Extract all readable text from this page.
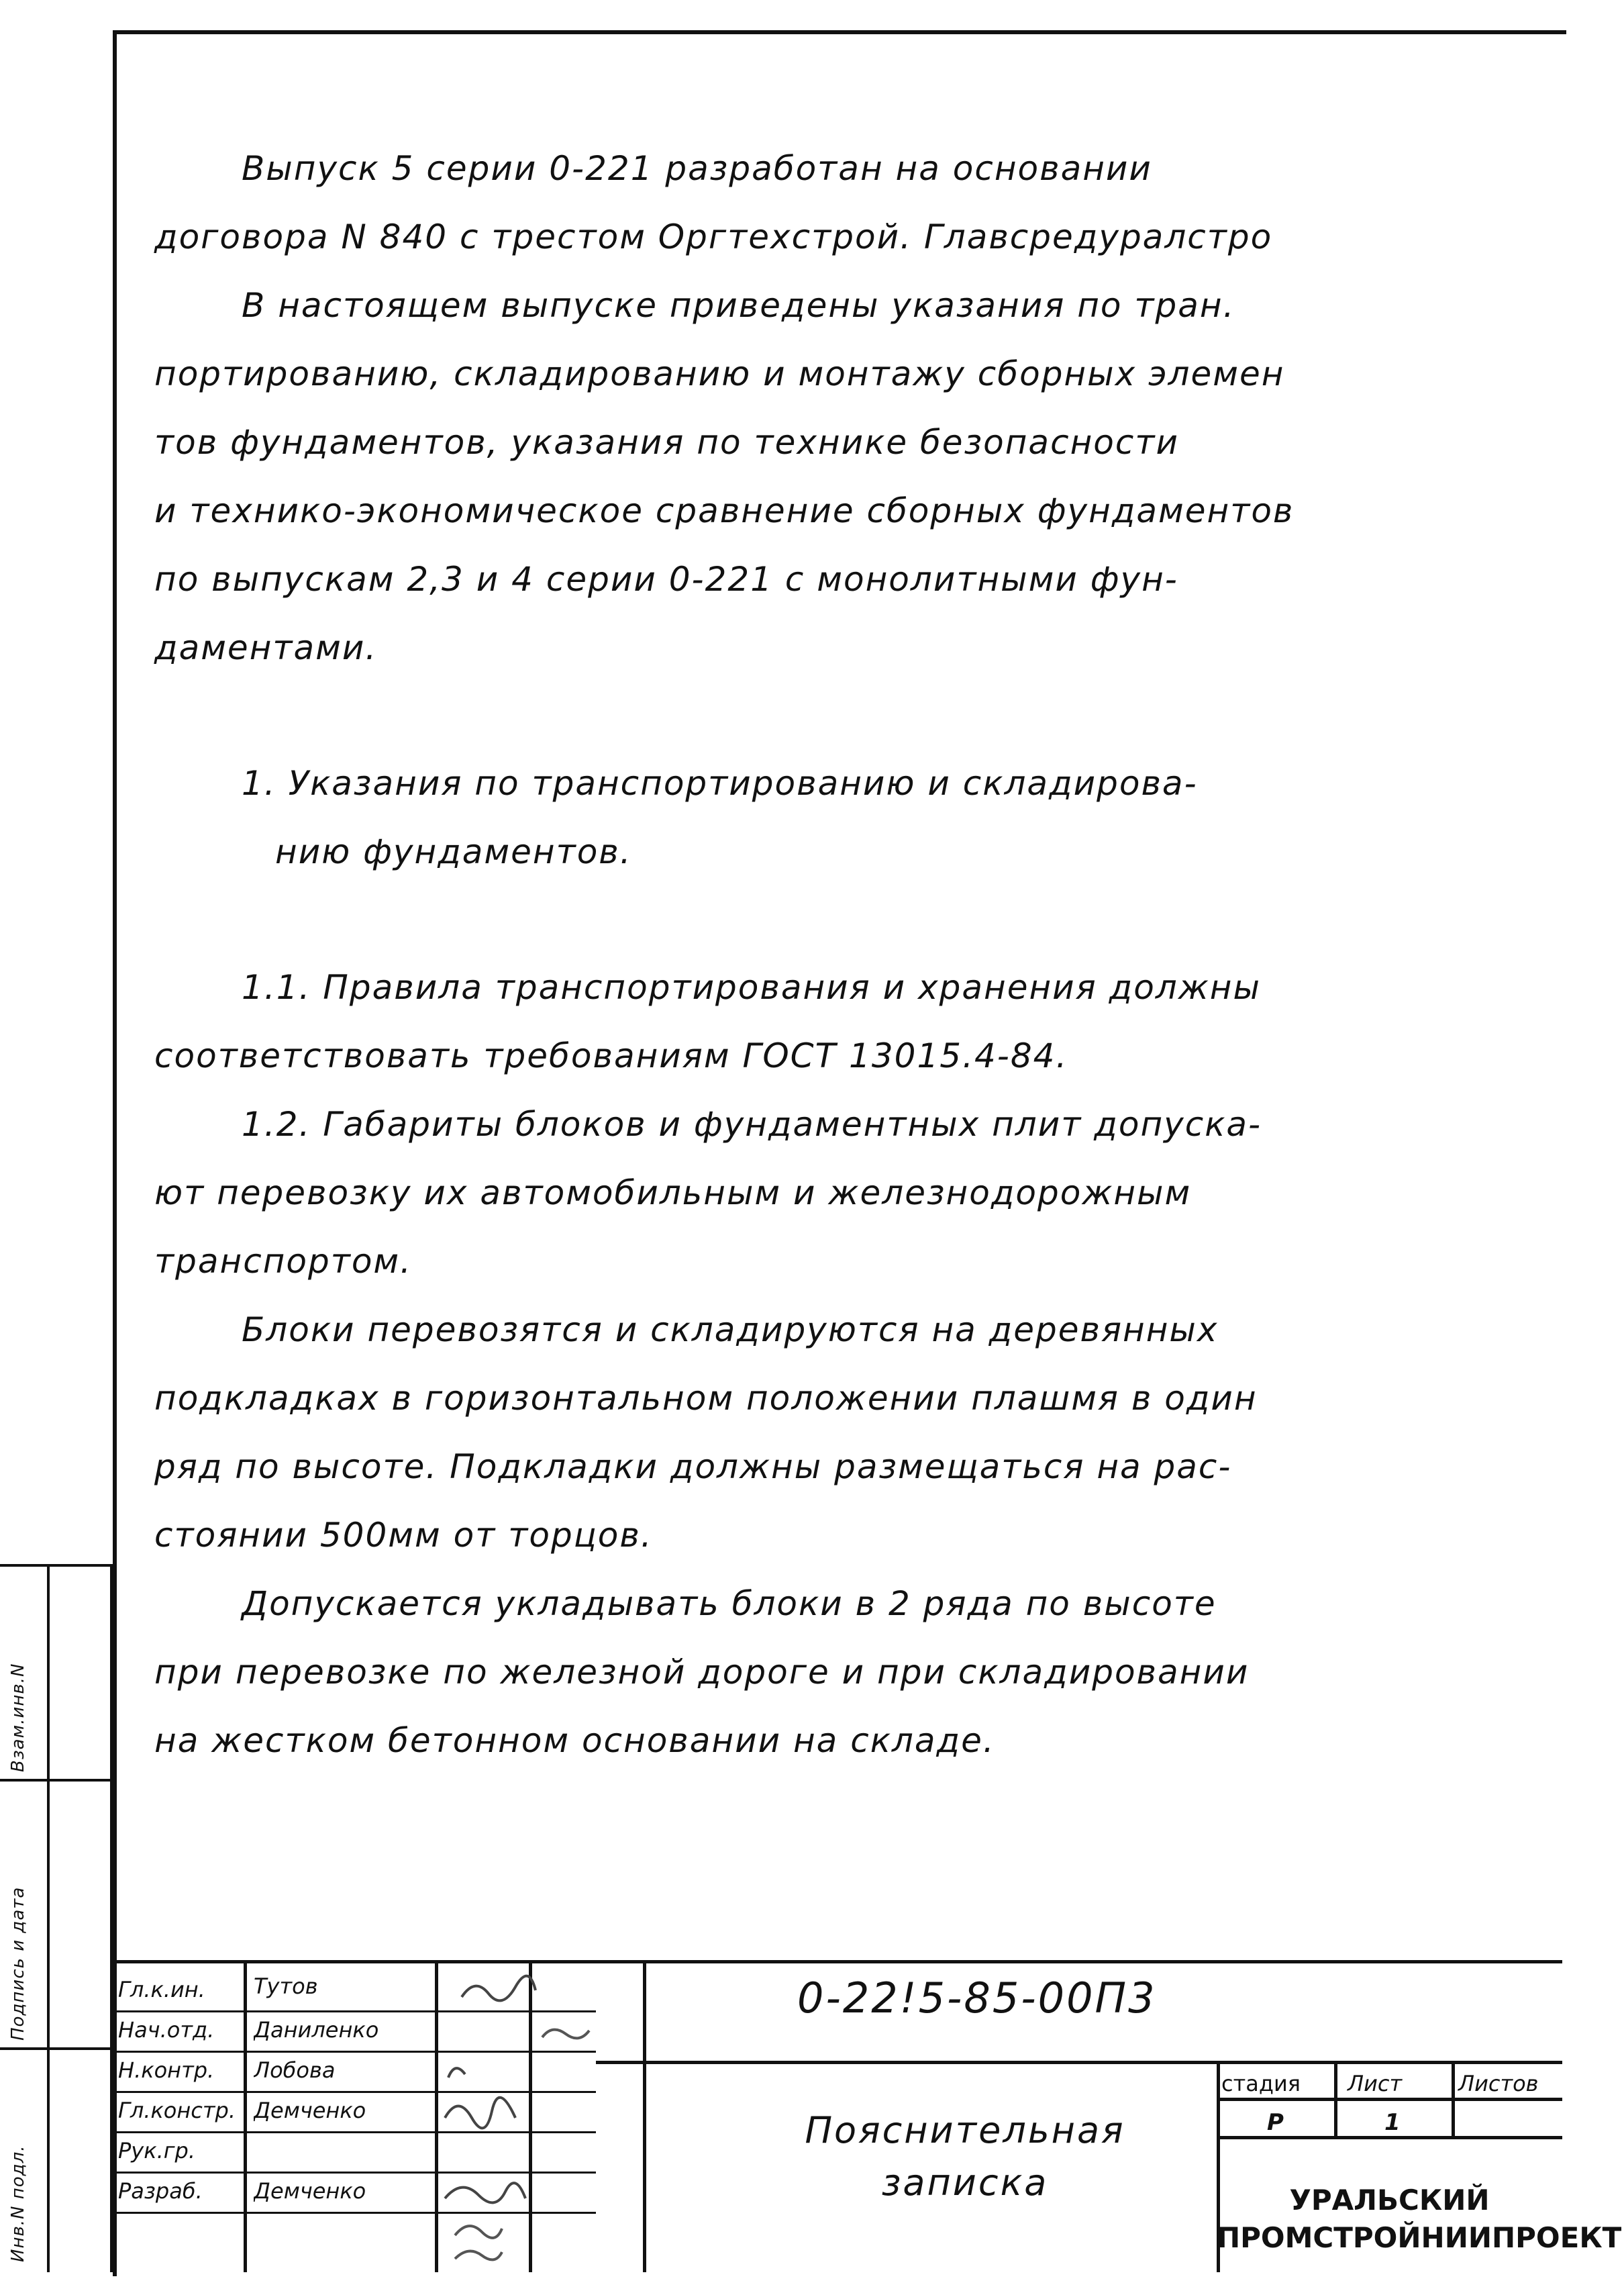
Выпуск 5 серии 0-221 разработан на основании

договора N 840 с трестом Оргтехстрой. Главсредуралстро

В настоящем выпуске приведены указания по тран.

портированию, складированию и монтажу сборных элемен

тов фундаментов, указания по технике безопасности

и технико-экономическое сравнение сборных фундаментов

по выпускам 2,3 и 4 серии 0-221 с монолитными фун-

даментами.

1. Указания по транспортированию и складирова-
нию фундаментов.

1.1. Правила транспортирования и хранения должны

соответствовать требованиям ГОСТ 13015.4-84.

1.2. Габариты блоков и фундаментных плит допуска-

ют перевозку их автомобильным и железнодорожным

транспортом.

Блоки перевозятся и складируются на деревянных

подкладках в горизонтальном положении плашмя в один

ряд по высоте. Подкладки должны размещаться на рас-

стоянии 500мм от торцов.

Допускается укладывать блоки в 2 ряда по высоте

при перевозке по железной дороге и при складировании

на жестком бетонном основании на складе.

Взам.инв.N
Подпись и дата
Инв.N подл.
Гл.к.ин.	Тутов
Нач.отд.	Даниленко
Н.контр.	Лобова
Гл.констр. Демченко
Рук.гр.
Разраб.	Демченко
0-22!5-85-00П3
Пояснительная
записка
стадия Лист	Листов
Р	1
УРАЛЬСКИЙ
ПРОМСТРОЙНИИПРОЕКТ
